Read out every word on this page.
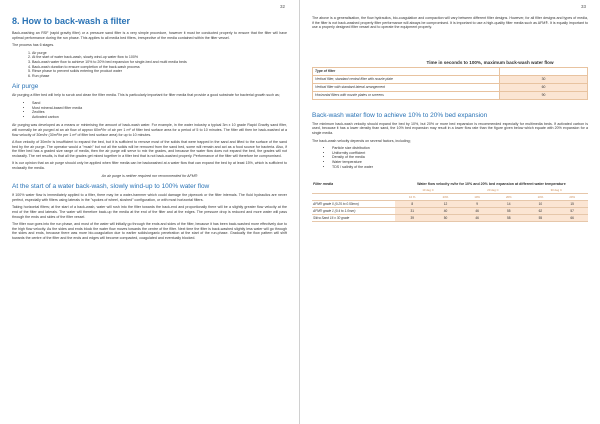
32
8. How to back-wash a filter

Back-washing an RSF (rapid gravity filter) or a pressure sand filter is a very simple procedure, however it must be conducted properly to ensure that the filter will have optimal performance during the run phase. This applies to all media bed filters, irrespective of the media contained within the filter vessel.

The process has 6 stages.

1. Air purge
2. At the start of water back-wash, slowly wind-up water flow to 100%
3. Back-wash water flow to achieve 10% to 20% bed expansion for single-bed and multi media beds
4. Back-wash duration to ensure completion of the back-wash process
5. Rinse phase to prevent solids entering the product water
6. Run phase
Air purge

Air purging a filter bed will help to scrub and clean the filter media. This is particularly important for filter media that provide a good substrate for bacterial growth such as;

• Sand
• Most mineral-based filter media
• Zeolites
• Activated carbon

Air purging was developed as a means or minimising the amount of back-wash water. For example, in the water industry a typical 3m x 10 grade Rapid Gravity sand filter, will normally be air purged at an air flow of approx 60m³/hr of air per 1 m² of filter bed surface area for a period of 5 to 10 minutes. The filter will then be back-washed at a flow velocity of 30m/hr (30m³/hr per 1 m² of filter bed surface area) for up to 10 minutes.

A flow velocity of 30m/hr is insufficient to expand the bed, but it is sufficient to remove most of the solids that were trapped in the sand and lifted to the surface of the sand bed by the air purge. The operator would a "mush" but not all the solids will be removed from the sand bed, some will remain and act as a food source for bacteria. Also, if the filter bed has a graded size range of media, then the air purge will serve to mix the grades, and because the water flow does not expand the bed, the grades will not reclassify. The net results, is that all the grades get mixed together in a filter bed that is not back-washed properly. Performance of the filter will therefore be compromised.

It is our opinion that an air purge should only be applied when filter media can be backwashed at a water flow that can expand the bed by at least 15%, which is sufficient to reclassify the media.

An air purge is neither required nor recommended for AFM®

At the start of a water back-wash, slowly wind-up to 100% water flow

If 100% water flow is immediately applied to a filter, there may be a water-hammer which could damage the pipework or the filter internals. The fluid hydraulics are never perfect, especially with filters using laterals in the "spokes of wheel, sloshed" configuration, or with most horizontal filters.

Taking horizontal filters; at the start of a back-wash, water will rush into the filter towards the back-end and proportionally there will be a slightly greater flow velocity at the end of the filter and laterals. The water will therefore back-up the media at the end of the filter and at the edges. The pressure drop is reduced and more water will pass through the ends and sides of the filter vessel.

The filter now goes into the run phase, and most of the water will initially go through the ends and sides of the filter, because it has been back-washed more effectively due to the high flow velocity. As the sides and ends block the water flow moves towards the centre of the filter. Next time the filter is back-washed slightly less water will go through the sides and ends, because there was more bio-coagulation due to earlier solids/organic penetration at the start of the run-phase. Gradually the flow pattern will shift towards the centre of the filter and the ends and edges will become compacted, coagulated and eventually blocked.

33

The above is a generalisation, the flow hydraulics, bio-coagulation and compaction will vary between different filter designs. However, for all filter designs and types of media, if the filter is not back-washed properly filter performance will always be compromised. It is important to use a high-quality filter media such as AFM®. It is equally important to use a properly designed filter vessel and to operate the equipment properly.

Time in seconds to 100%, maximum back-wash water flow
Type of filter	
Vertical filter, standard central filter with nozzle plate	30
Vertical filter with standard lateral arrangement	60
Horizontal filters with nozzle plates or screens	90
Back-wash water flow to achieve 10% to 20% bed expansion

The minimum back-wash velocity should expand the bed by 10%, but 20% or more bed expansion is recommended especially for multimedia beds. If activated carbon is used, because it has a lower density than sand, the 10% bed expansion may result in a lower flow rate than the figure given below which equate with 20% expansion for a single media.

The back-wash velocity depends on several factors, including;

• Particle size distribution
• Uniformity coefficient
• Density of the media
• Water temperature
• TDS / salinity of the water
Filter media	Water flow velocity m/hr for 10% and 20% bed expansion at different water temperature					
	10 deg C		20 deg C		30 deg C	
	10 %	20%	10%	20%	10%	20%
AFM® grade 0 (0.25 to 0.50mm)	8	12	9	14	10	15
AFM® grade 1 (0.4 to 1.0mm)	31	40	46	55	62	57
Silica Sand 16 x 30 grade	39	50	46	58	55	66
